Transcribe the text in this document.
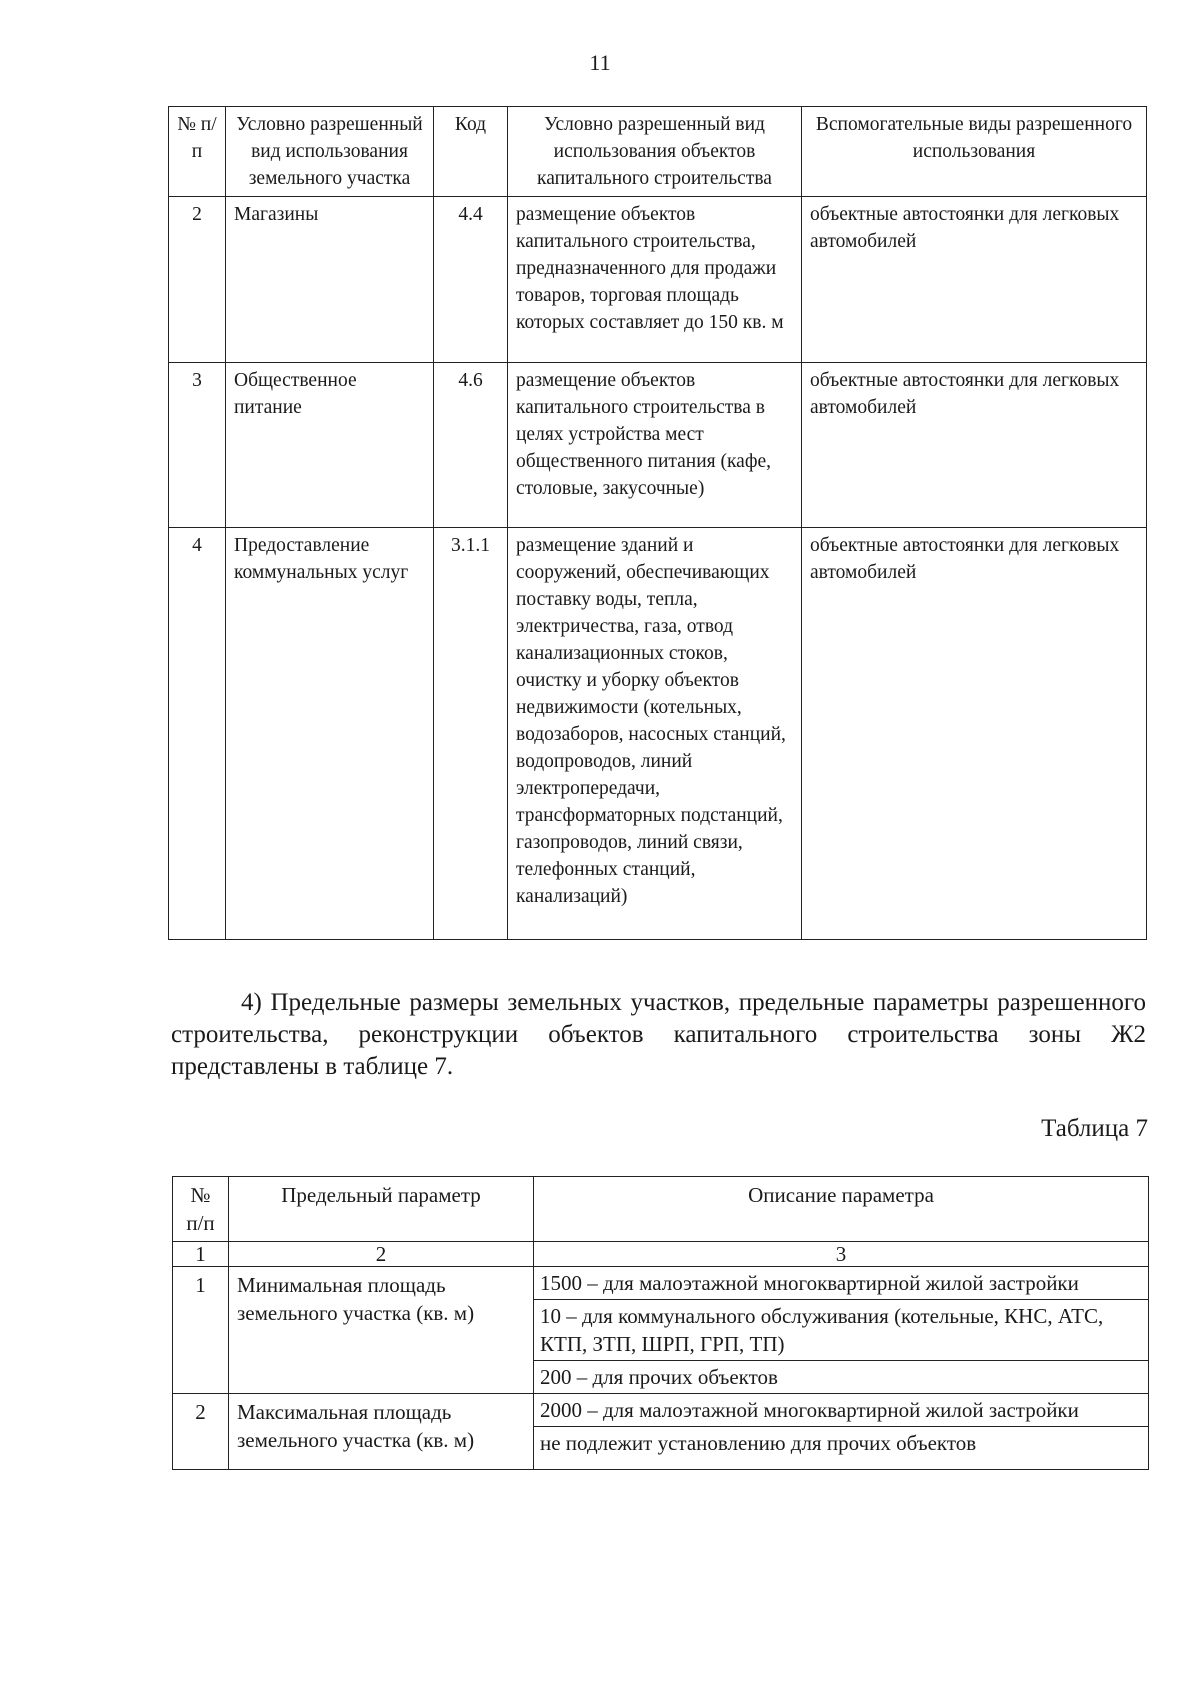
11
№ п/п	Условно разрешенный вид использования земельного участка	Код	Условно разрешенный вид использования объектов капитального строительства	Вспомогательные виды разрешенного использования
2	Магазины	4.4	размещение объектов капитального строительства, предназначенного для продажи товаров, торговая площадь которых составляет до 150 кв. м	объектные автостоянки для легковых автомобилей
3	Общественное питание	4.6	размещение объектов капитального строительства в целях устройства мест общественного питания (кафе, столовые, закусочные)	объектные автостоянки для легковых автомобилей
4	Предоставление коммунальных услуг	3.1.1	размещение зданий и сооружений, обеспечивающих поставку воды, тепла, электричества, газа, отвод канализационных стоков, очистку и уборку объектов недвижимости (котельных, водозаборов, насосных станций, водопроводов, линий электропередачи, трансформаторных подстанций, газопроводов, линий связи, телефонных станций, канализаций)	объектные автостоянки для легковых автомобилей

4) Предельные размеры земельных участков, предельные параметры разрешенного строительства, реконструкции объектов капитального строительства зоны Ж2 представлены в таблице 7.

Таблица 7
№ п/п	Предельный параметр	Описание параметра
1	2	3
1	Минимальная площадь земельного участка (кв. м)	1500 – для малоэтажной многоквартирной жилой застройки
		10 – для коммунального обслуживания (котельные, КНС, АТС, КТП, ЗТП, ШРП, ГРП, ТП)
		200 – для прочих объектов
2	Максимальная площадь земельного участка (кв. м)	2000 – для малоэтажной многоквартирной жилой застройки
		не подлежит установлению для прочих объектов
